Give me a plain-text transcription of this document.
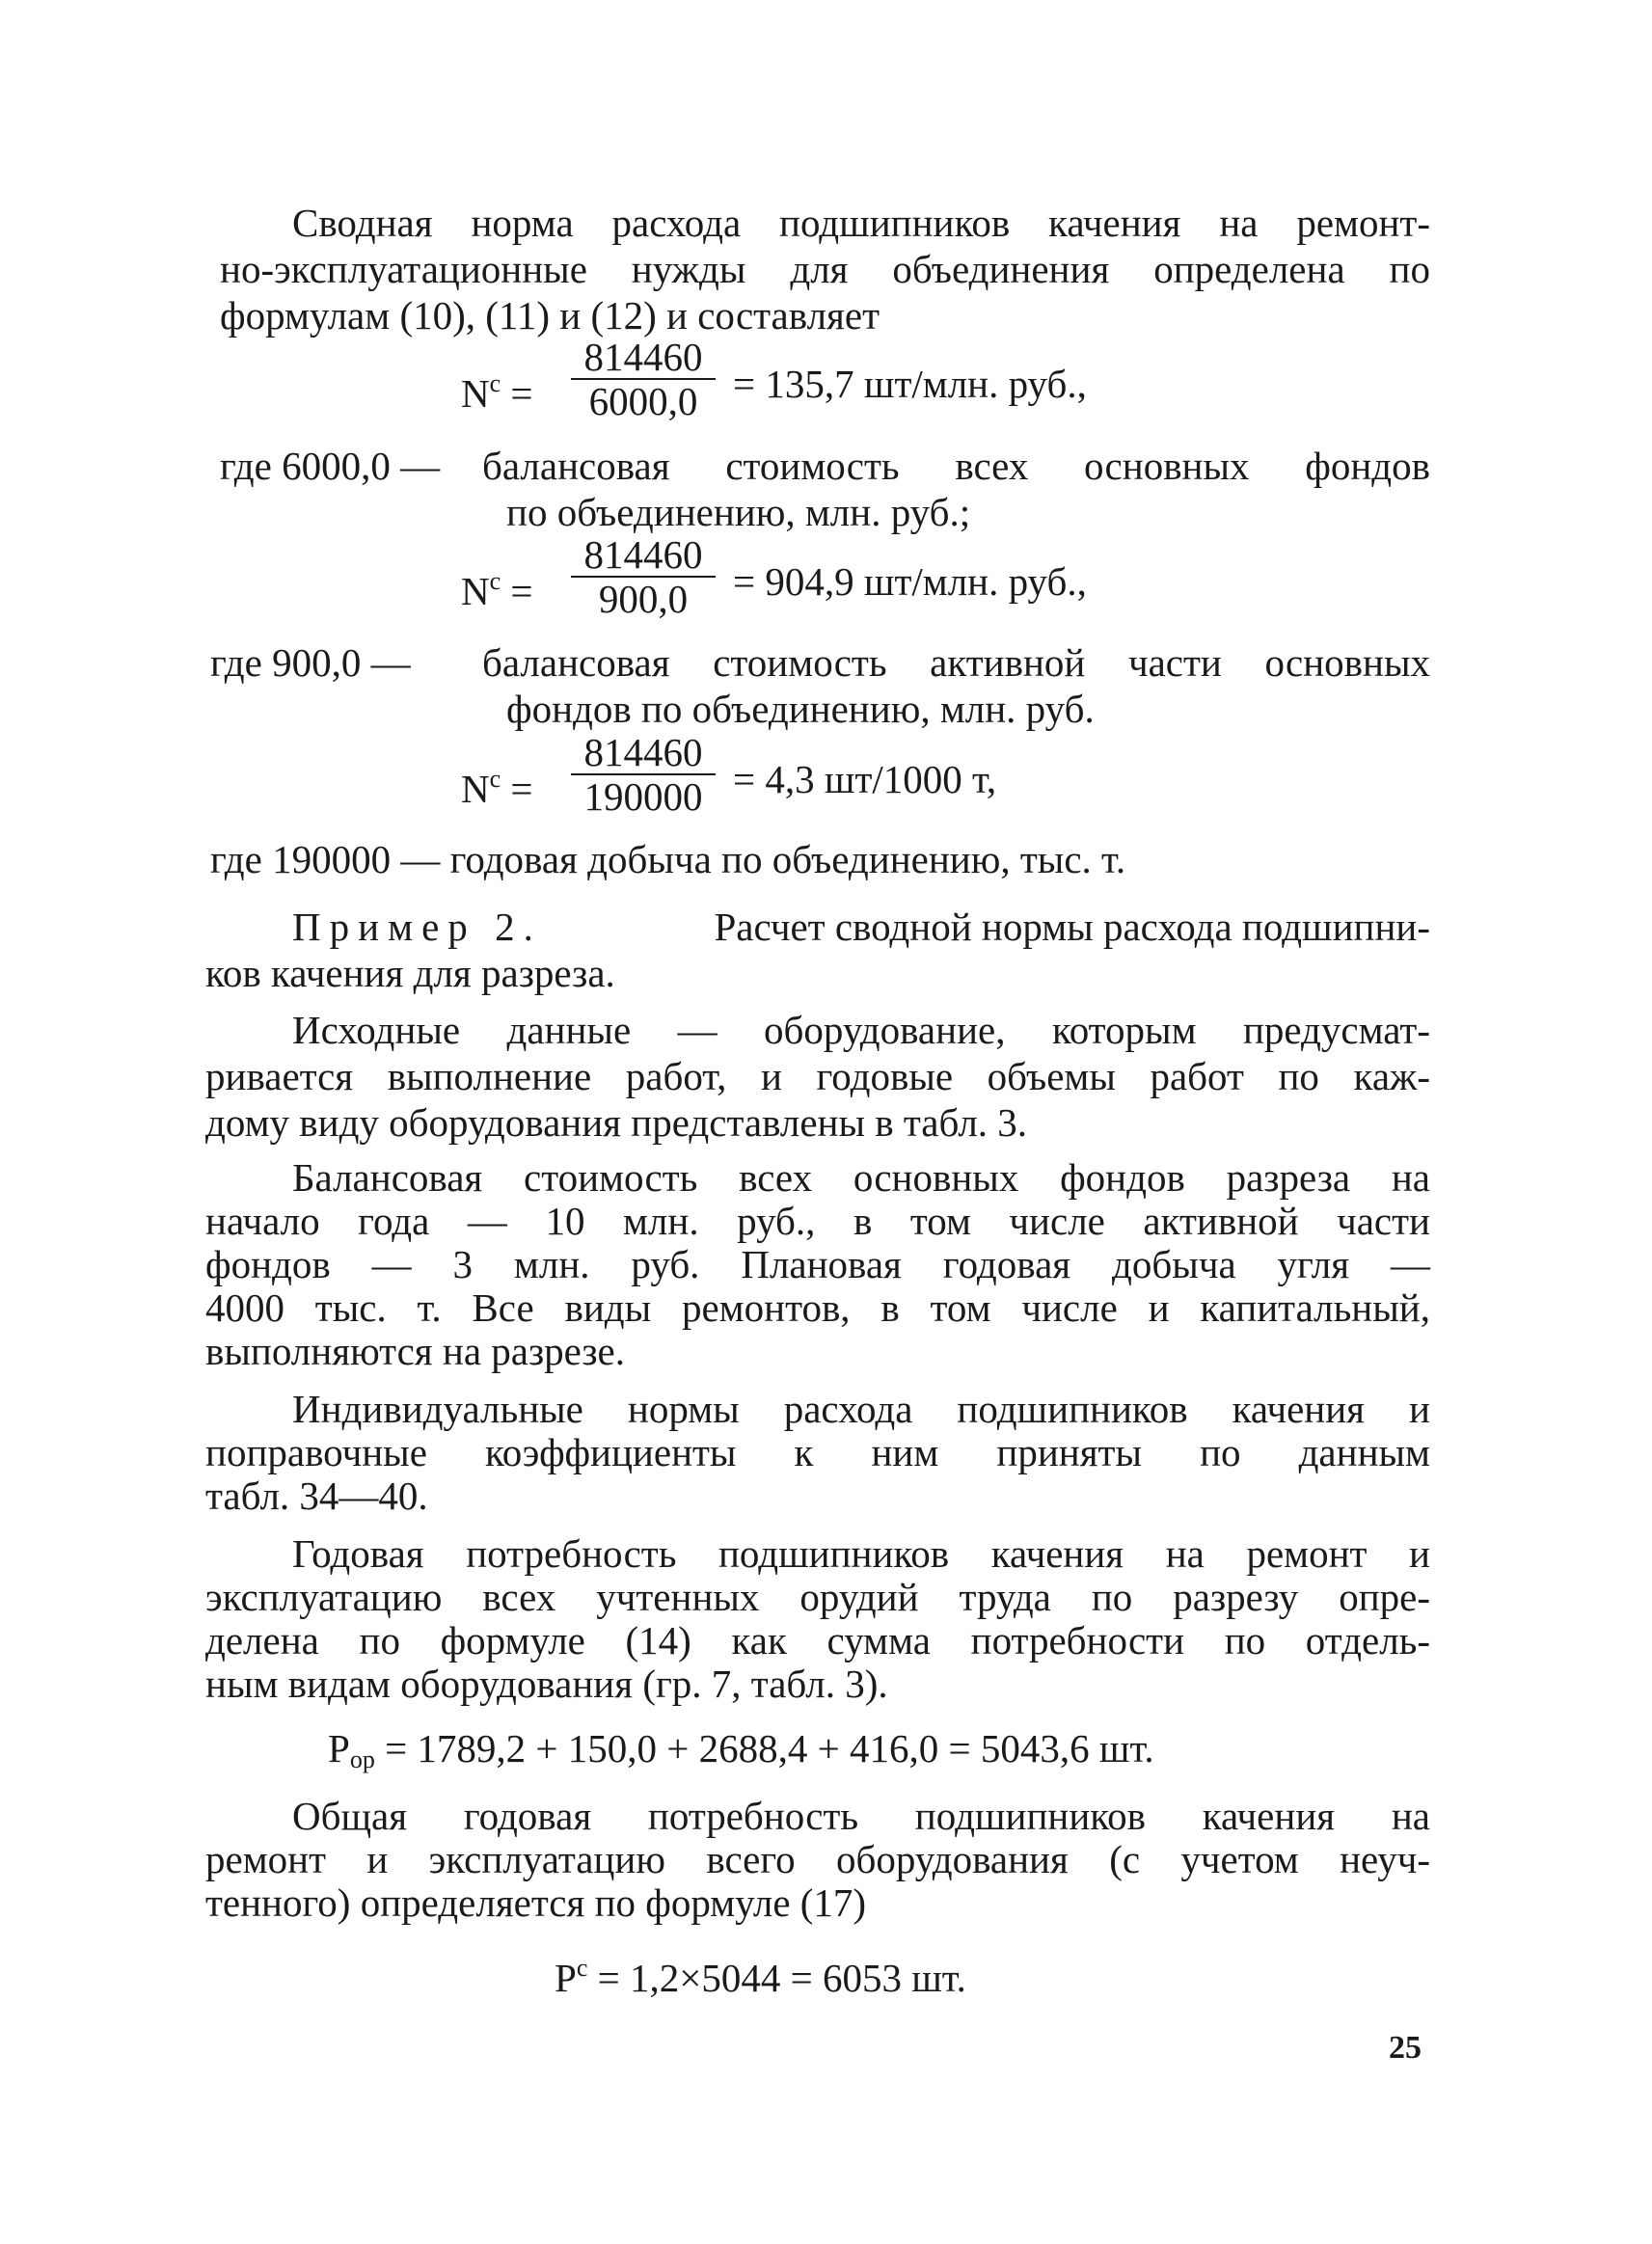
Сводная норма расхода подшипников качения на ремонт-
но-эксплуатационные нужды для объединения определена по
формулам (10), (11) и (12) и составляет
$N^с = \frac{814460}{6000,0} = 135,7$ шт/млн. руб.,
где 6000,0 — балансовая стоимость всех основных фондов
по объединению, млн. руб.;
$N^с = \frac{814460}{900,0} = 904,9$ шт/млн. руб.,
где 900,0 — балансовая стоимость активной части основных
фондов по объединению, млн. руб.
$N^с = \frac{814460}{190000} = 4,3$ шт/1000 т,
где 190000 — годовая добыча по объединению, тыс. т.
Пример 2.	Расчет сводной нормы расхода подшипни-
ков качения для разреза.
Исходные данные — оборудование, которым предусмат-
ривается выполнение работ, и годовые объемы работ по каж-
дому виду оборудования представлены в табл. 3.
Балансовая стоимость всех основных фондов разреза на
начало года — 10 млн. руб., в том числе активной части
фондов — 3 млн. руб. Плановая годовая добыча угля —
4000 тыс. т. Все виды ремонтов, в том числе и капитальный,
выполняются на разрезе.
Индивидуальные нормы расхода подшипников качения и
поправочные коэффициенты к ним приняты по данным
табл. 34—40.
Годовая потребность подшипников качения на ремонт и
эксплуатацию всех учтенных орудий труда по разрезу опре-
делена по формуле (14) как сумма потребности по отдель-
ным видам оборудования (гр. 7, табл. 3).
$P_{ор} = 1789,2 + 150,0 + 2688,4 + 416,0 = 5043,6$ шт.
Общая годовая потребность подшипников качения на
ремонт и эксплуатацию всего оборудования (с учетом неуч-
тенного) определяется по формуле (17)
$P^с = 1,2\times 5044 = 6053$ шт.
25
